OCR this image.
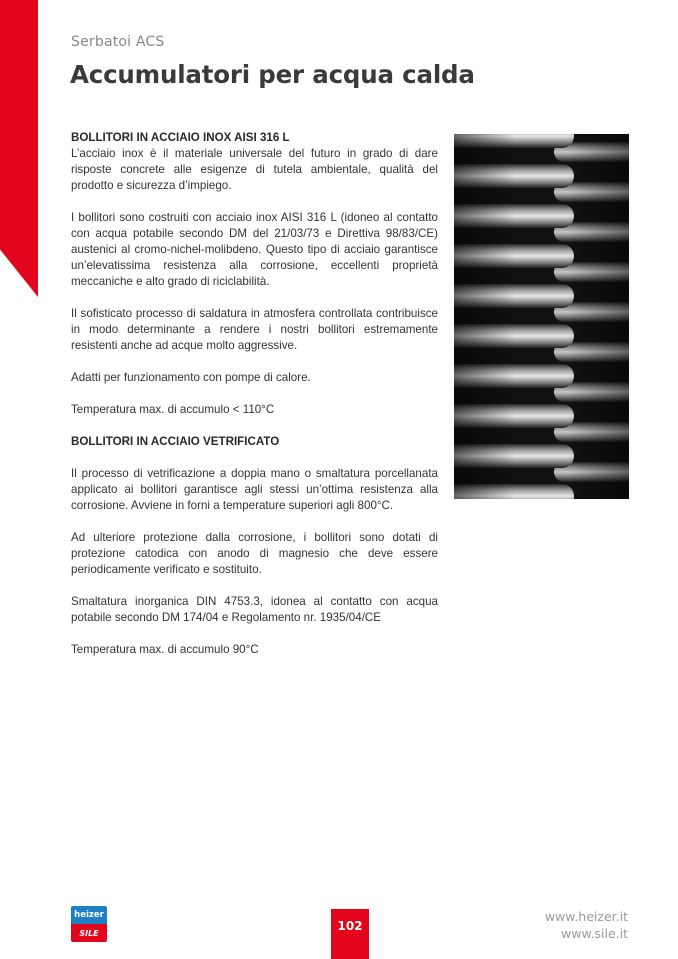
Serbatoi ACS
Accumulatori per acqua calda
BOLLITORI IN ACCIAIO INOX AISI 316 L

L’acciaio inox è il materiale universale del futuro in grado di dare risposte concrete alle esigenze di tutela ambientale, qualità del prodotto e sicurezza d’impiego.

I bollitori sono costruiti con acciaio inox AISI 316 L (idoneo al contatto con acqua potabile secondo DM del 21/03/73 e Direttiva 98/83/CE) austenici al cromo-nichel-molibdeno. Questo tipo di acciaio garantisce un’elevatissima resistenza alla corrosione, eccellenti proprietà meccaniche e alto grado di riciclabilità.

Il sofisticato processo di saldatura in atmosfera controllata contribuisce in modo determinante a rendere i nostri bollitori estremamente resistenti anche ad acque molto aggressive.

Adatti per funzionamento con pompe di calore.

Temperatura max. di accumulo < 110°C

BOLLITORI IN ACCIAIO VETRIFICATO

Il processo di vetrificazione a doppia mano o smaltatura porcellanata applicato ai bollitori garantisce agli stessi un’ottima resistenza alla corrosione. Avviene in forni a temperature superiori agli 800°C.

Ad ulteriore protezione dalla corrosione, i bollitori sono dotati di protezione catodica con anodo di magnesio che deve essere periodicamente verificato e sostituito.

Smaltatura inorganica DIN 4753.3, idonea al contatto con acqua potabile secondo DM 174/04 e Regolamento nr. 1935/04/CE

Temperatura max. di accumulo 90°C

heizer
SILE	102
www.heizer.it
www.sile.it
